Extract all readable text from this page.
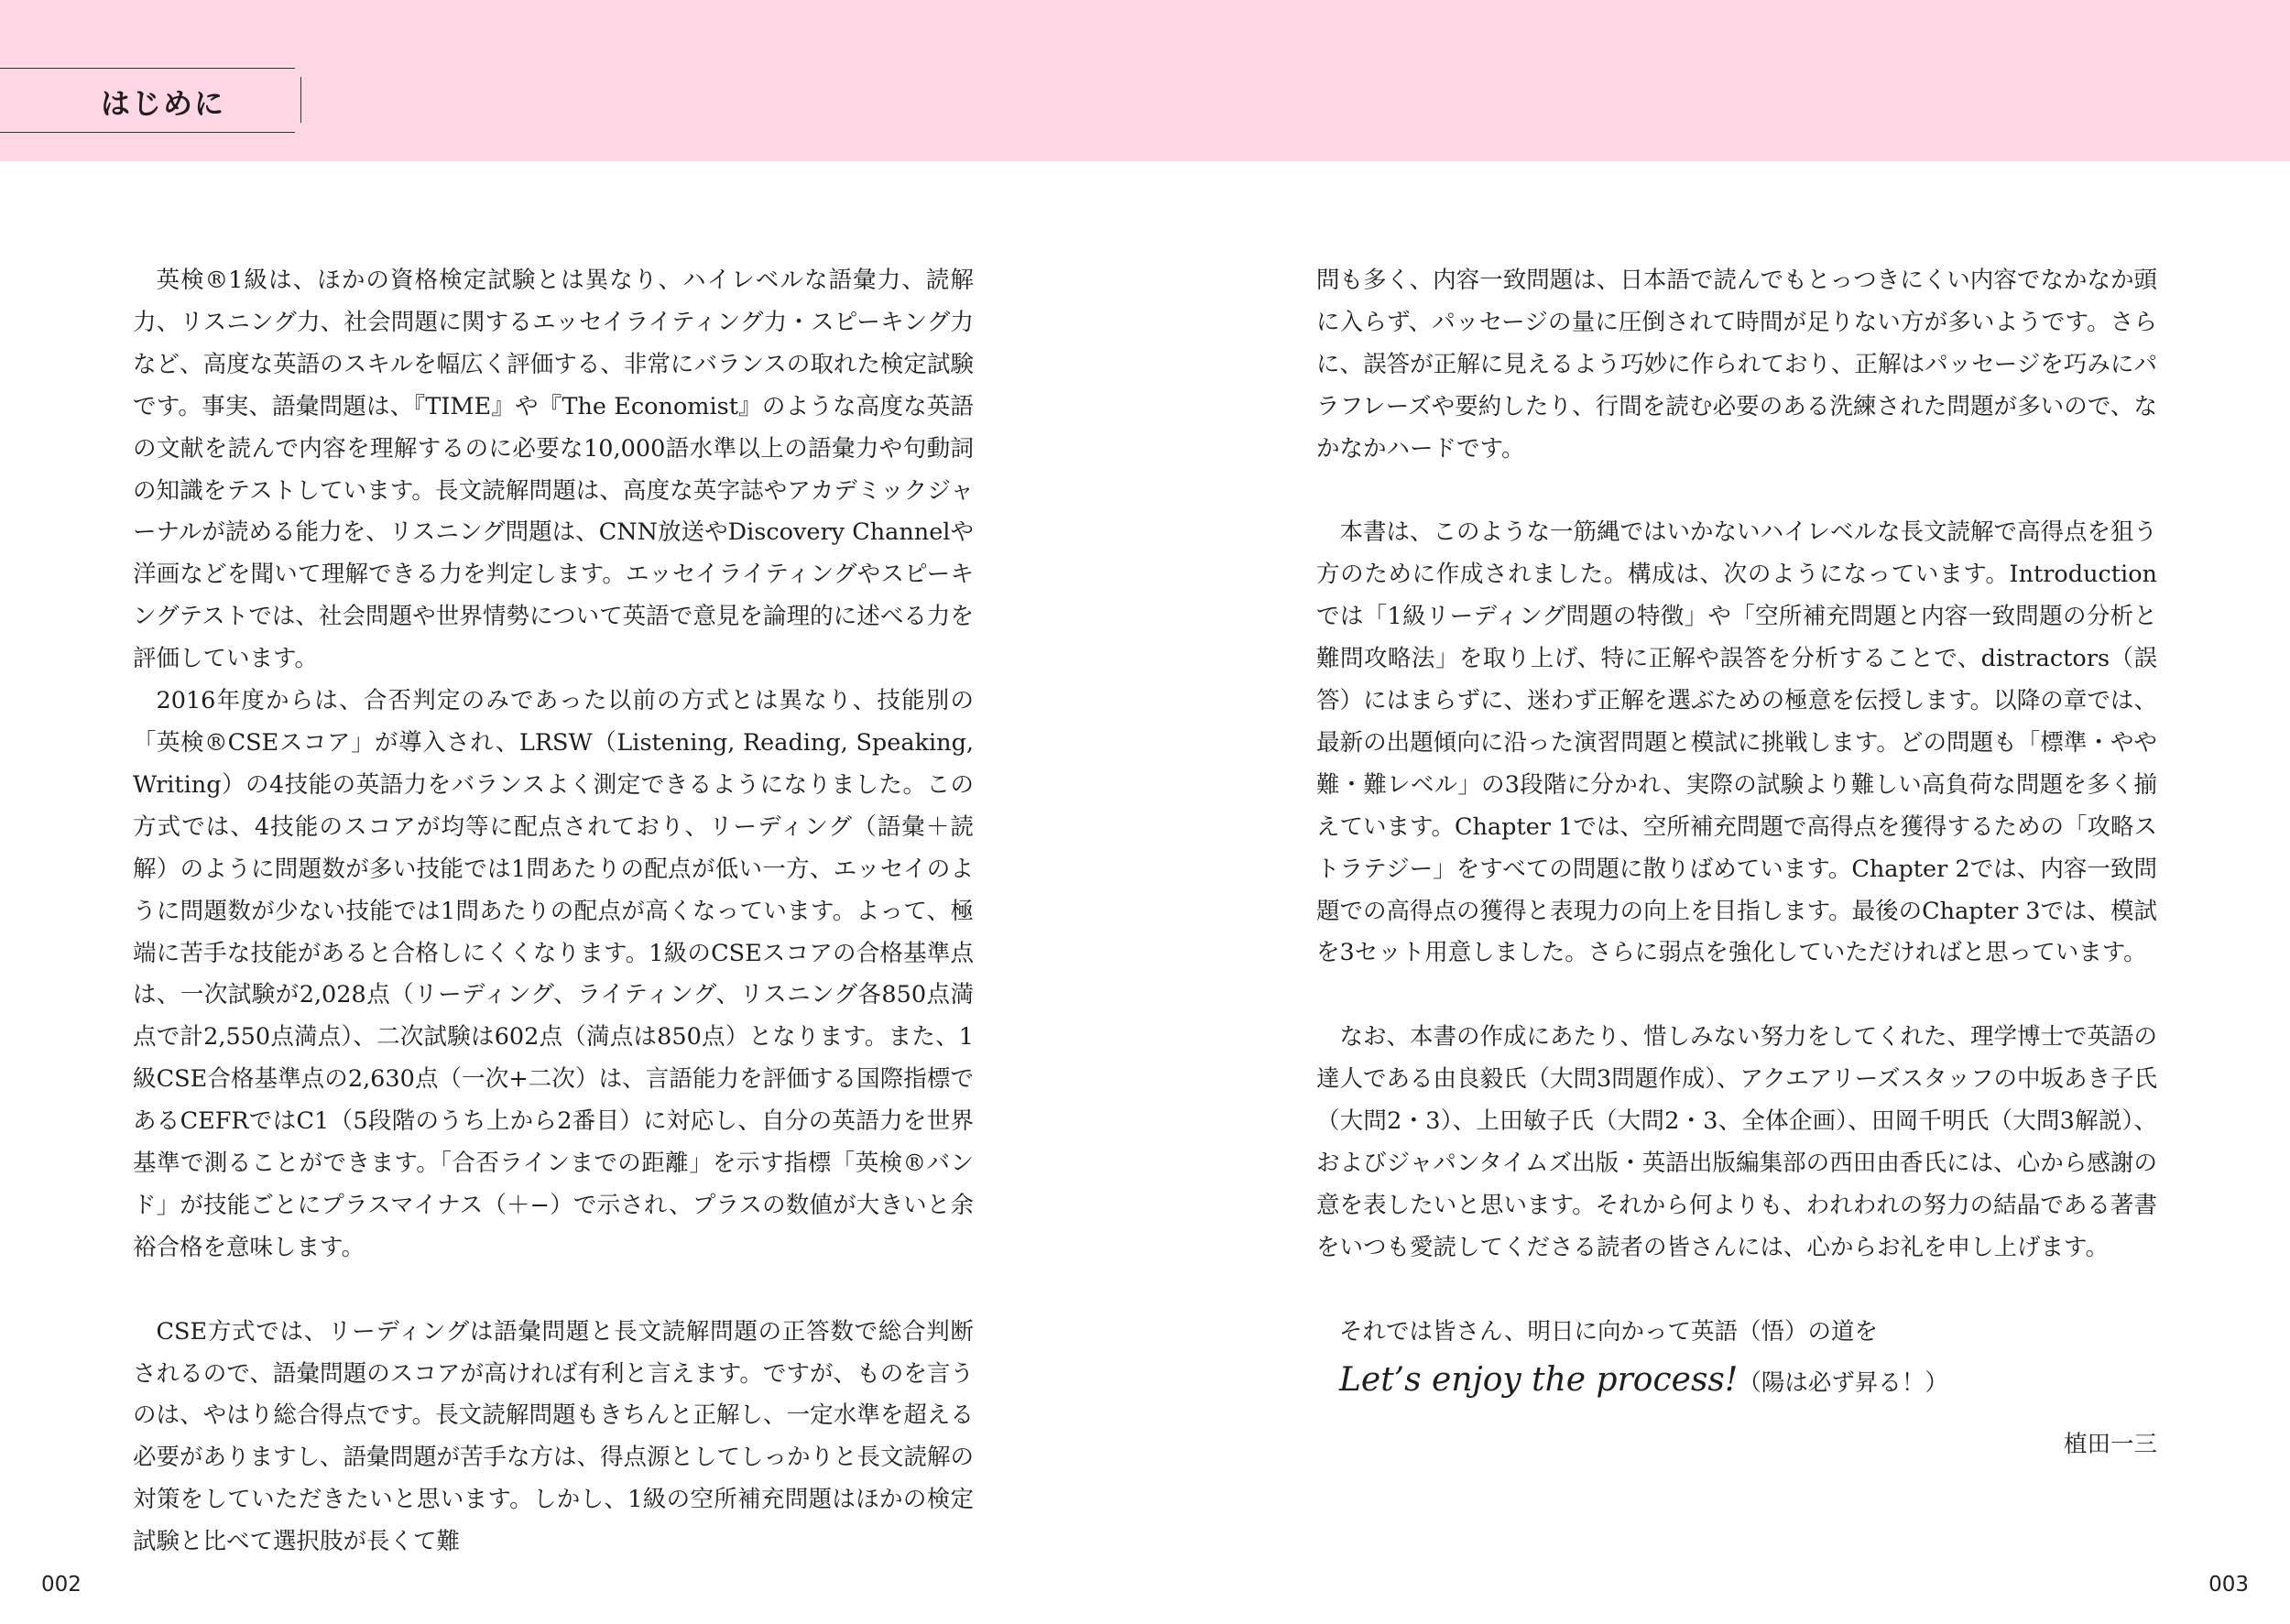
はじめに

英検®1級は、ほかの資格検定試験とは異なり、ハイレベルな語彙力、読解力、リスニング力、社会問題に関するエッセイライティング力・スピーキング力など、高度な英語のスキルを幅広く評価する、非常にバランスの取れた検定試験です。事実、語彙問題は、『TIME』や『The Economist』のような高度な英語の文献を読んで内容を理解するのに必要な10,000語水準以上の語彙力や句動詞の知識をテストしています。長文読解問題は、高度な英字誌やアカデミックジャーナルが読める能力を、リスニング問題は、CNN放送やDiscovery Channelや洋画などを聞いて理解できる力を判定します。エッセイライティングやスピーキングテストでは、社会問題や世界情勢について英語で意見を論理的に述べる力を評価しています。

2016年度からは、合否判定のみであった以前の方式とは異なり、技能別の「英検®CSEスコア」が導入され、LRSW（Listening, Reading, Speaking, Writing）の4技能の英語力をバランスよく測定できるようになりました。この方式では、4技能のスコアが均等に配点されており、リーディング（語彙＋読解）のように問題数が多い技能では1問あたりの配点が低い一方、エッセイのように問題数が少ない技能では1問あたりの配点が高くなっています。よって、極端に苦手な技能があると合格しにくくなります。1級のCSEスコアの合格基準点は、一次試験が2,028点（リーディング、ライティング、リスニング各850点満点で計2,550点満点）、二次試験は602点（満点は850点）となります。また、1級CSE合格基準点の2,630点（一次+二次）は、言語能力を評価する国際指標であるCEFRではC1（5段階のうち上から2番目）に対応し、自分の英語力を世界基準で測ることができます。「合否ラインまでの距離」を示す指標「英検®バンド」が技能ごとにプラスマイナス（＋−）で示され、プラスの数値が大きいと余裕合格を意味します。

CSE方式では、リーディングは語彙問題と長文読解問題の正答数で総合判断されるので、語彙問題のスコアが高ければ有利と言えます。ですが、ものを言うのは、やはり総合得点です。長文読解問題もきちんと正解し、一定水準を超える必要がありますし、語彙問題が苦手な方は、得点源としてしっかりと長文読解の対策をしていただきたいと思います。しかし、1級の空所補充問題はほかの検定試験と比べて選択肢が長くて難

問も多く、内容一致問題は、日本語で読んでもとっつきにくい内容でなかなか頭に入らず、パッセージの量に圧倒されて時間が足りない方が多いようです。さらに、誤答が正解に見えるよう巧妙に作られており、正解はパッセージを巧みにパラフレーズや要約したり、行間を読む必要のある洗練された問題が多いので、なかなかハードです。

本書は、このような一筋縄ではいかないハイレベルな長文読解で高得点を狙う方のために作成されました。構成は、次のようになっています。Introductionでは「1級リーディング問題の特徴」や「空所補充問題と内容一致問題の分析と難問攻略法」を取り上げ、特に正解や誤答を分析することで、distractors（誤答）にはまらずに、迷わず正解を選ぶための極意を伝授します。以降の章では、最新の出題傾向に沿った演習問題と模試に挑戦します。どの問題も「標準・やや難・難レベル」の3段階に分かれ、実際の試験より難しい高負荷な問題を多く揃えています。Chapter 1では、空所補充問題で高得点を獲得するための「攻略ストラテジー」をすべての問題に散りばめています。Chapter 2では、内容一致問題での高得点の獲得と表現力の向上を目指します。最後のChapter 3では、模試を3セット用意しました。さらに弱点を強化していただければと思っています。

なお、本書の作成にあたり、惜しみない努力をしてくれた、理学博士で英語の達人である由良毅氏（大問3問題作成）、アクエアリーズスタッフの中坂あき子氏（大問2・3）、上田敏子氏（大問2・3、全体企画）、田岡千明氏（大問3解説）、およびジャパンタイムズ出版・英語出版編集部の西田由香氏には、心から感謝の意を表したいと思います。それから何よりも、われわれの努力の結晶である著書をいつも愛読してくださる読者の皆さんには、心からお礼を申し上げます。

それでは皆さん、明日に向かって英語（悟）の道を

Let’s enjoy the process!（陽は必ず昇る！）

植田一三

002	003
